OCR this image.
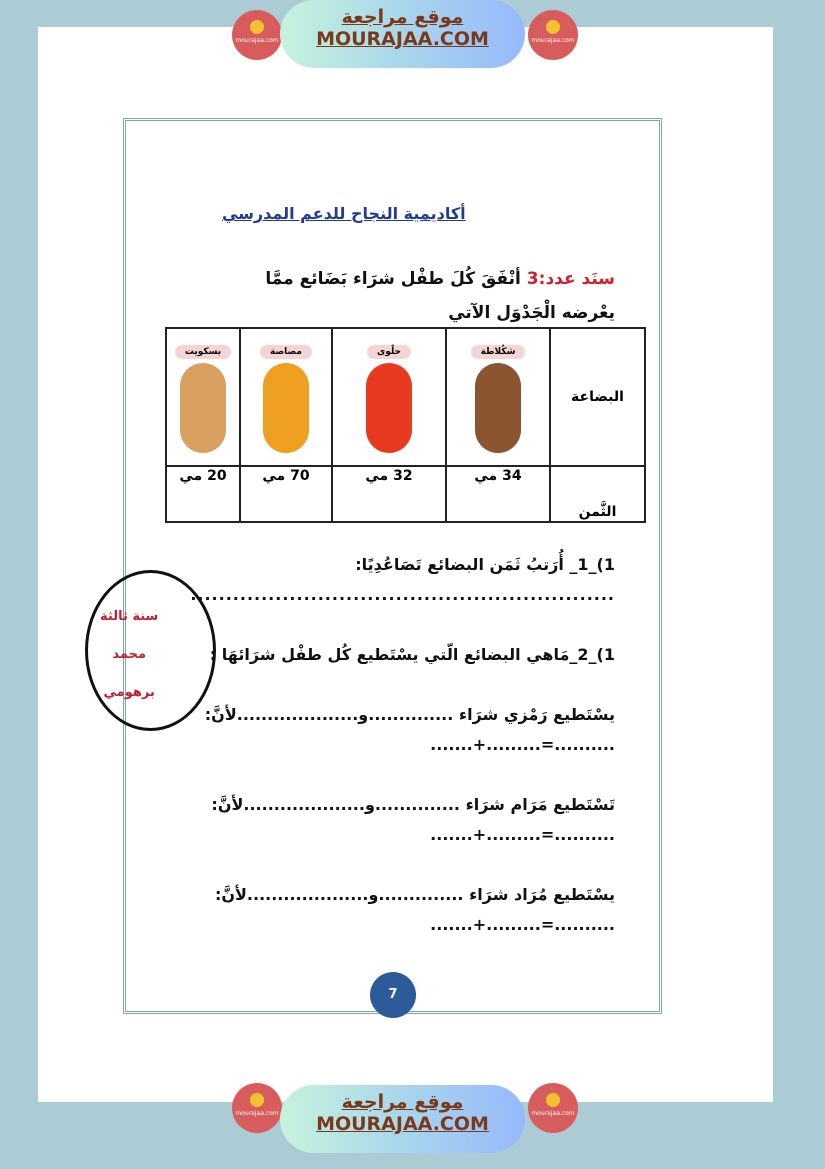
mourajaa.com
موقع مراجعة
MOURAJAA.COM	mourajaa.com
أكاديمية النجاح للدعم المدرسي
سنَد عدد:3 أنْفَقَ كُلَ طفْل شرَاء بَضَائع ممَّا يعْرضه الْجَدْوَل الآتي
بسكويت	مصاصة	حلْوى	شكُلاطة	البضاعة
20 مي	70 مي	32 مي	34 مي	الثَّمن
1)_1_ أُرَتبُ ثَمَن البضائع تَصَاعُدِيًا:
............................................................
1)_2_مَاهي البضائع الّتي يسْتَطيع كُل طفْل شرَائهَا :
يسْتَطيع رَمْزي شرَاء ..............و....................لأنَّ:
..........=.........+.......
تَسْتَطيع مَرَام شرَاء ..............و....................لأنَّ:
..........=.........+.......
يسْتَطيع مُرَاد شرَاء ..............و....................لأنَّ:
..........=.........+.......
سنة ثالثة
محمد
برهومي
7
mourajaa.com
موقع مراجعة
MOURAJAA.COM	mourajaa.com
